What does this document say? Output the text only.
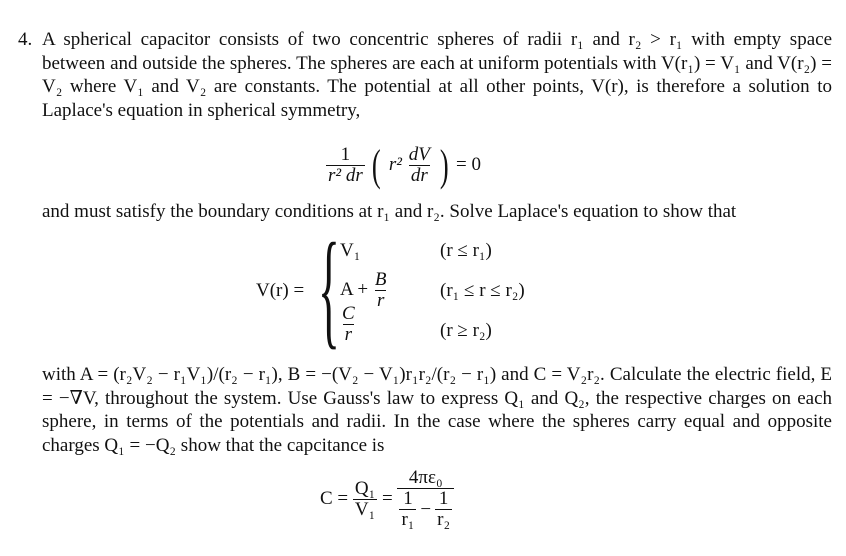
4. A spherical capacitor consists of two concentric spheres of radii r₁ and r₂ > r₁ with empty space between and outside the spheres. The spheres are each at uniform potentials with V(r₁) = V₁ and V(r₂) = V₂ where V₁ and V₂ are constants. The potential at all other points, V(r), is therefore a solution to Laplace's equation in spherical symmetry,
$\frac{1}{\text{r² dr}}$ ( $r^2 \frac{dV}{dr}$ ) = 0
and must satisfy the boundary conditions at r₁ and r₂. Solve Laplace's equation to show that
V(r) = { V₁	(r ≤ r₁)
$A + \frac{B}{r}$	(r₁ ≤ r ≤ r₂)
$\frac{C}{r}$	(r ≥ r₂)
with A = (r₂V₂ − r₁V₁)/(r₂ − r₁), B = −(V₂ − V₁)r₁r₂/(r₂ − r₁) and C = V₂r₂. Calculate the electric field, E = −∇V, throughout the system. Use Gauss's law to express Q₁ and Q₂, the respective charges on each sphere, in terms of the potentials and radii. In the case where the spheres carry equal and opposite charges Q₁ = −Q₂ show that the capcitance is
$C = \frac{\text{Q₁}}{\text{V₁}}$ =
4πε₀
$\frac{1}{\text{r₁}} - \frac{1}{\text{r₂}}$
